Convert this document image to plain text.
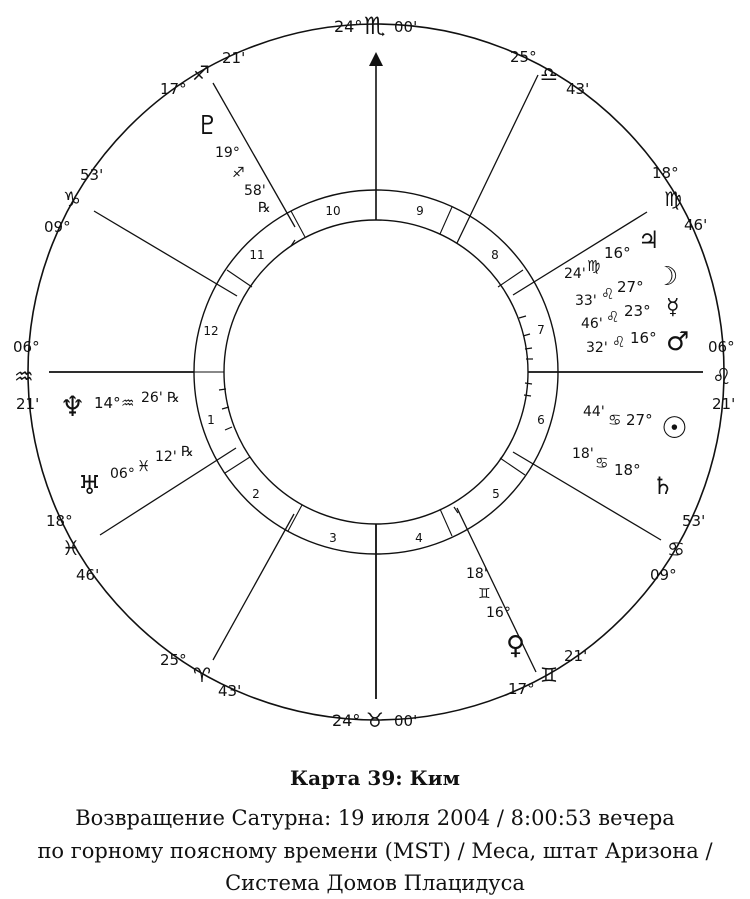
1
2
3	4
5
6
7
8
9
10
11
12
24° ♏ 00'
25°
♎
43'
18°
♍
46'
06°
♌
21'
53'
♋
09°
21'
♊
17°
24° ♉ 00'
25°
♈
43'
18°
♓
46'
06°
♒
21'
53'
♑
09°
21'
♐
17°
♇
19°
♐
58'
℞
24' ♍
16° ♃
33' ♌ 27° ☽
46' ♌ 23° ☿
32' ♌ 16° ♂
♆ 14° ♒ 26' ℞
♅ 06° ♓ 12' ℞
44' ♋ 27° ☉
18' ♋ 18°
♄
18'
♊
16°
♀
Карта 39: Ким
Возвращение Сатурна: 19 июля 2004 / 8:00:53 вечера
по горному поясному времени (MST) / Меса, штат Аризона /
Система Домов Плацидуса
